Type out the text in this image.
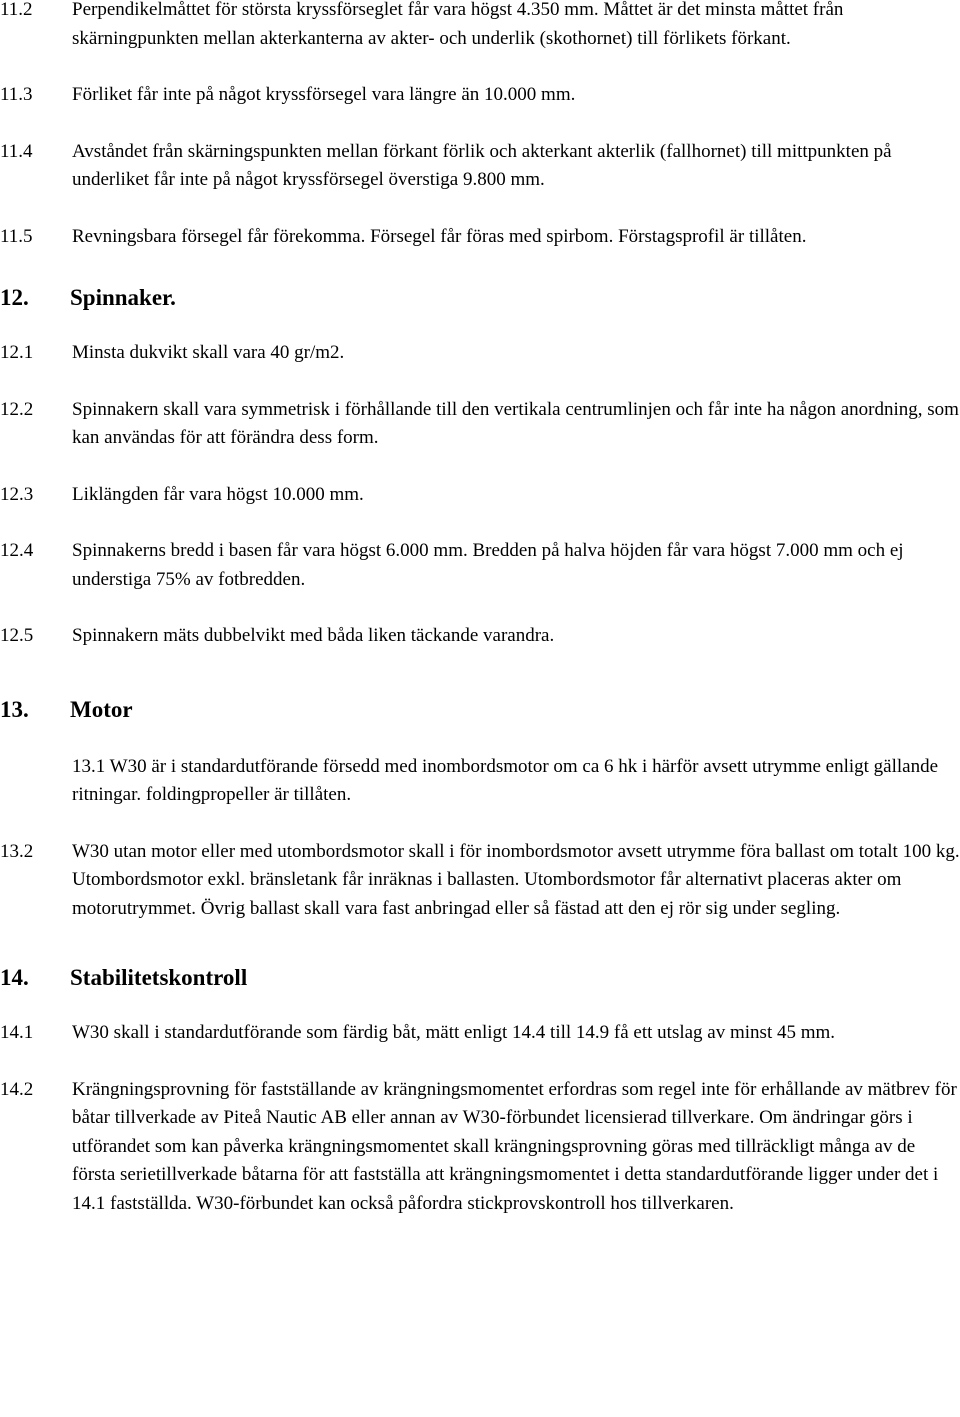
11.2	Perpendikelmåttet för största kryssförseglet får vara högst 4.350 mm. Måttet är det minsta måttet från skärningpunkten mellan akterkanterna av akter- och underlik (skothornet) till förlikets förkant.
11.3	Förliket får inte på något kryssförsegel vara längre än 10.000 mm.
11.4	Avståndet från skärningspunkten mellan förkant förlik och akterkant akterlik (fallhornet) till mittpunkten på underliket får inte på något kryssförsegel överstiga 9.800 mm.
11.5	Revningsbara försegel får förekomma. Försegel får föras med spirbom. Förstagsprofil är tillåten.
12. Spinnaker.
12.1	Minsta dukvikt skall vara 40 gr/m2.
12.2	Spinnakern skall vara symmetrisk i förhållande till den vertikala centrumlinjen och får inte ha någon anordning, som kan användas för att förändra dess form.
12.3	Liklängden får vara högst 10.000 mm.
12.4	Spinnakerns bredd i basen får vara högst 6.000 mm. Bredden på halva höjden får vara högst 7.000 mm och ej understiga 75% av fotbredden.
12.5	Spinnakern mäts dubbelvikt med båda liken täckande varandra.
13. Motor
13.1 W30 är i standardutförande försedd med inombordsmotor om ca 6 hk i härför avsett utrymme enligt gällande ritningar. foldingpropeller är tillåten.
13.2	W30 utan motor eller med utombordsmotor skall i för inombordsmotor avsett utrymme föra ballast om totalt 100 kg. Utombordsmotor exkl. bränsletank får inräknas i ballasten. Utombordsmotor får alternativt placeras akter om motorutrymmet. Övrig ballast skall vara fast anbringad eller så fästad att den ej rör sig under segling.
14. Stabilitetskontroll
14.1	W30 skall i standardutförande som färdig båt, mätt enligt 14.4 till 14.9 få ett utslag av minst 45 mm.
14.2	Krängningsprovning för fastställande av krängningsmomentet erfordras som regel inte för erhållande av mätbrev för båtar tillverkade av Piteå Nautic AB eller annan av W30-förbundet licensierad tillverkare. Om ändringar görs i utförandet som kan påverka krängningsmomentet skall krängningsprovning göras med tillräckligt många av de första serietillverkade båtarna för att fastställa att krängningsmomentet i detta standardutförande ligger under det i 14.1 fastställda. W30-förbundet kan också påfordra stickprovskontroll hos tillverkaren.
